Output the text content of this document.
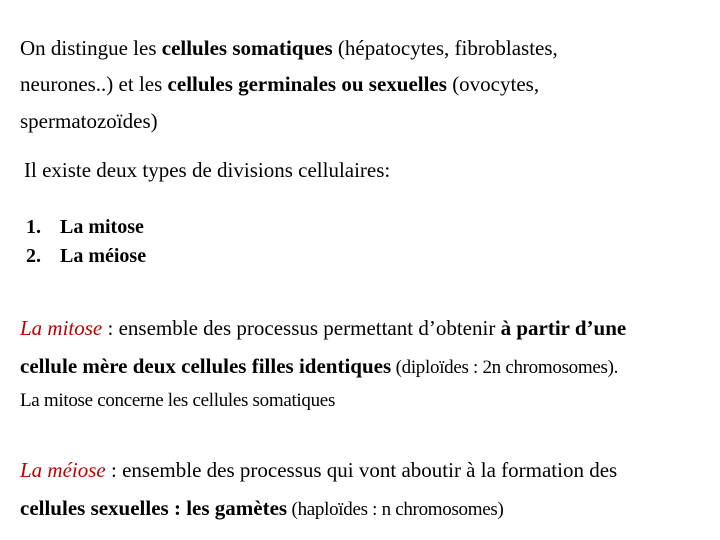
On distingue les cellules somatiques (hépatocytes, fibroblastes,
neurones..) et les cellules germinales ou sexuelles (ovocytes,
spermatozoïdes)
Il existe deux types de divisions cellulaires:
1. La mitose
2. La méiose
La mitose : ensemble des processus permettant d’obtenir à partir d’une
cellule mère deux cellules filles identiques (diploïdes : 2n chromosomes).
La mitose concerne les cellules somatiques
La méiose : ensemble des processus qui vont aboutir à la formation des
cellules sexuelles : les gamètes (haploïdes : n chromosomes)
